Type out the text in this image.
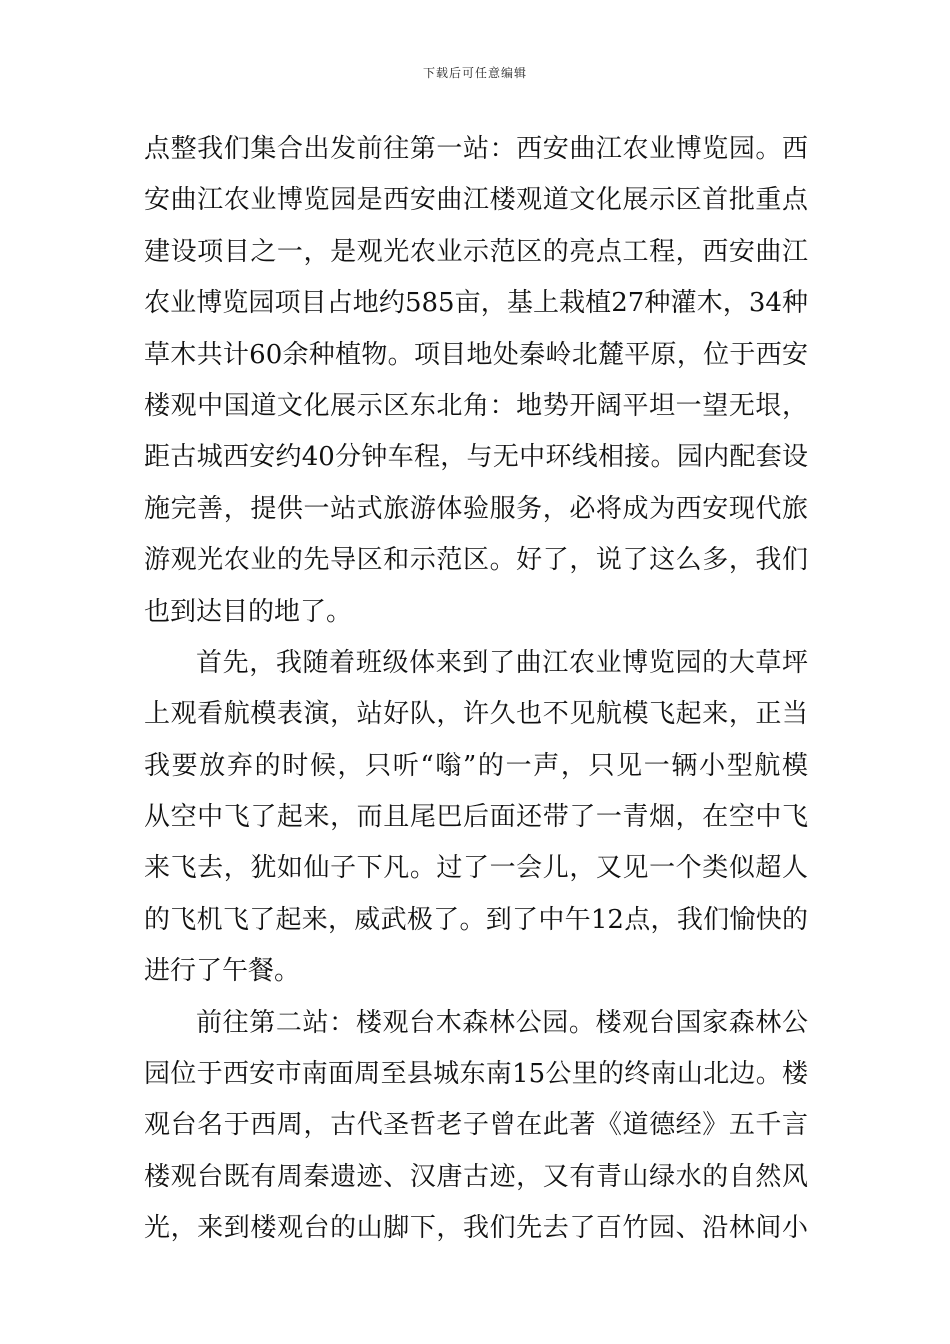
下载后可任意编辑
点整我们集合出发前往第一站：西安曲江农业博览园。西
安曲江农业博览园是西安曲江楼观道文化展示区首批重点
建设项目之一，是观光农业示范区的亮点工程，西安曲江
农业博览园项目占地约585亩，基上栽植27种灌木，34种
草木共计60余种植物。项目地处秦岭北麓平原，位于西安
楼观中国道文化展示区东北角：地势开阔平坦一望无垠，
距古城西安约40分钟车程，与无中环线相接。园内配套设
施完善，提供一站式旅游体验服务，必将成为西安现代旅
游观光农业的先导区和示范区。好了，说了这么多，我们
也到达目的地了。
首先，我随着班级体来到了曲江农业博览园的大草坪
上观看航模表演，站好队，许久也不见航模飞起来，正当
我要放弃的时候，只听“嗡”的一声，只见一辆小型航模
从空中飞了起来，而且尾巴后面还带了一青烟，在空中飞
来飞去，犹如仙子下凡。过了一会儿，又见一个类似超人
的飞机飞了起来，威武极了。到了中午12点，我们愉快的
进行了午餐。
前往第二站：楼观台木森林公园。楼观台国家森林公
园位于西安市南面周至县城东南15公里的终南山北边。楼
观台名于西周，古代圣哲老子曾在此著《道德经》五千言
楼观台既有周秦遗迹、汉唐古迹，又有青山绿水的自然风
光，来到楼观台的山脚下，我们先去了百竹园、沿林间小
